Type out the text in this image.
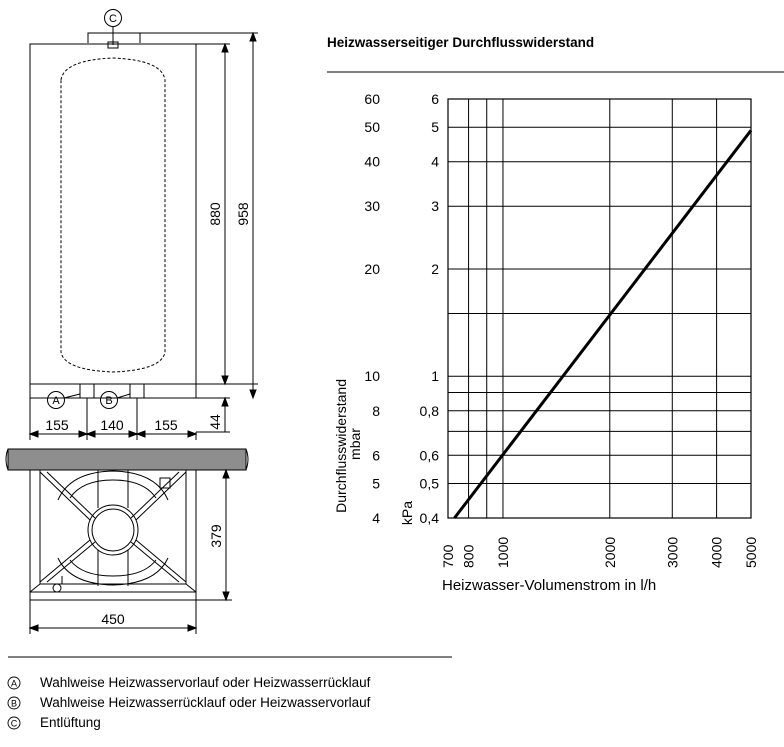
C
A	B
880 958
44
155 140 155
379
450
Heizwasserseitiger Durchflusswiderstand
4
5
6
8
10
20
30
40
50
60
0,4
0,5
0,6
0,8
1
2
3
4
5
6
700 800 1000	2000	3000 4000 5000
Durchflusswiderstand mbar
kPa
Heizwasser-Volumenstrom in l/h
A Wahlweise Heizwasservorlauf oder Heizwasserrücklauf
B Wahlweise Heizwasserrücklauf oder Heizwasservorlauf
C Entlüftung
